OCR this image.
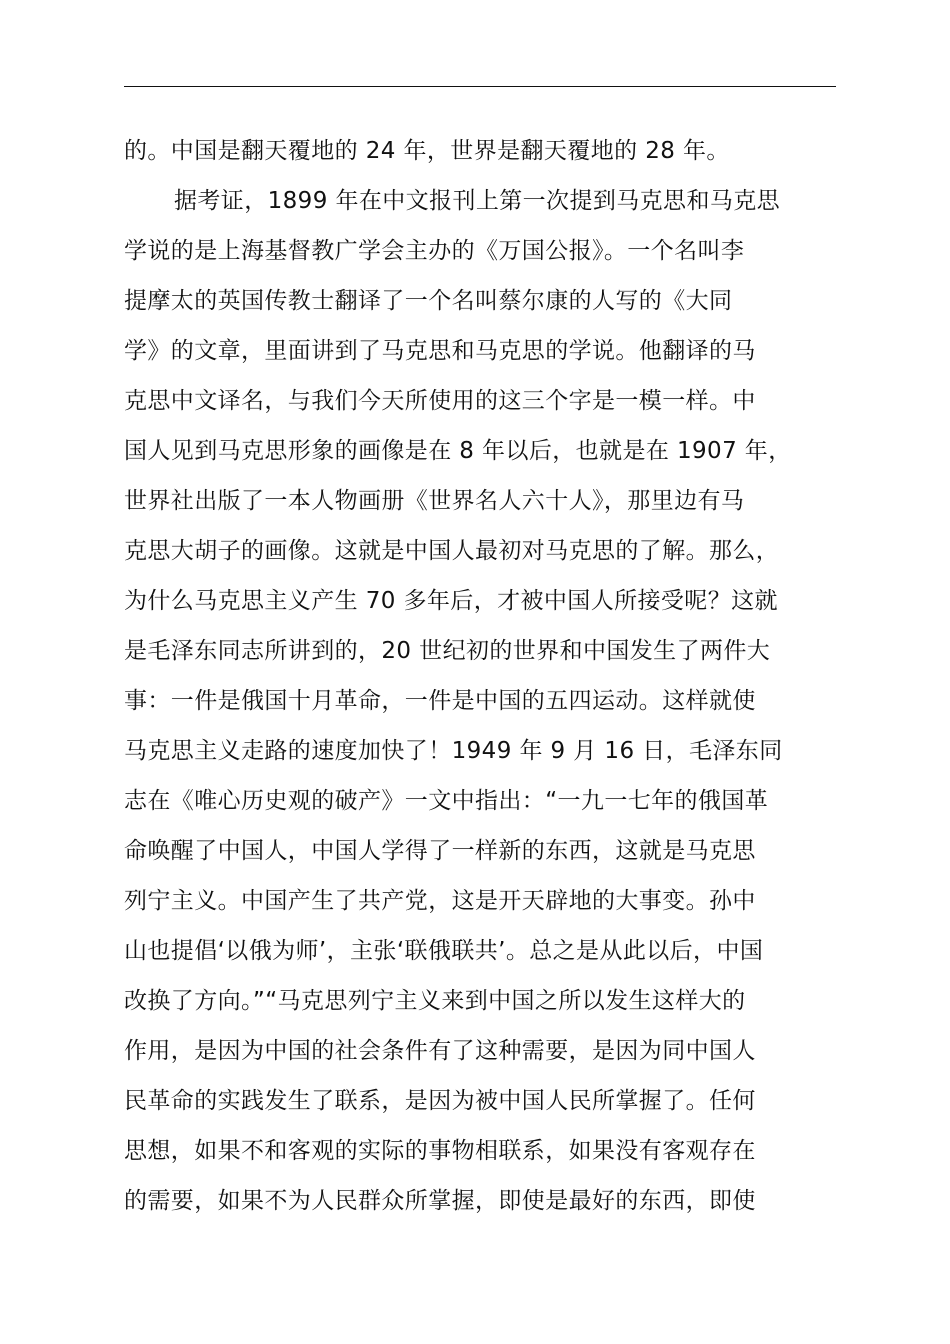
的。中国是翻天覆地的 24 年，世界是翻天覆地的 28 年。
据考证，1899 年在中文报刊上第一次提到马克思和马克思
学说的是上海基督教广学会主办的《万国公报》。一个名叫李
提摩太的英国传教士翻译了一个名叫蔡尔康的人写的《大同
学》的文章，里面讲到了马克思和马克思的学说。他翻译的马
克思中文译名，与我们今天所使用的这三个字是一模一样。中
国人见到马克思形象的画像是在 8 年以后，也就是在 1907 年，
世界社出版了一本人物画册《世界名人六十人》，那里边有马
克思大胡子的画像。这就是中国人最初对马克思的了解。那么，
为什么马克思主义产生 70 多年后，才被中国人所接受呢？这就
是毛泽东同志所讲到的，20 世纪初的世界和中国发生了两件大
事：一件是俄国十月革命，一件是中国的五四运动。这样就使
马克思主义走路的速度加快了！1949 年 9 月 16 日，毛泽东同
志在《唯心历史观的破产》一文中指出：“一九一七年的俄国革
命唤醒了中国人，中国人学得了一样新的东西，这就是马克思
列宁主义。中国产生了共产党，这是开天辟地的大事变。孙中
山也提倡‘以俄为师’，主张‘联俄联共’。总之是从此以后，中国
改换了方向。”“马克思列宁主义来到中国之所以发生这样大的
作用，是因为中国的社会条件有了这种需要，是因为同中国人
民革命的实践发生了联系，是因为被中国人民所掌握了。任何
思想，如果不和客观的实际的事物相联系，如果没有客观存在
的需要，如果不为人民群众所掌握，即使是最好的东西，即使
